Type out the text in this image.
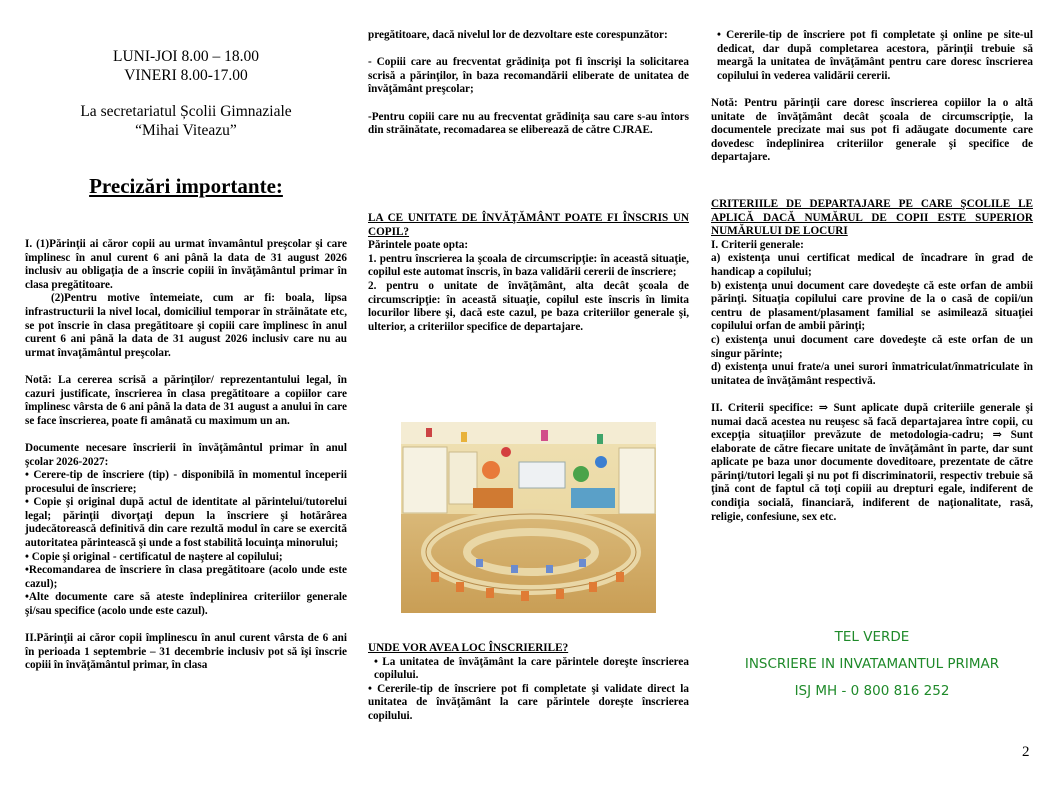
LUNI-JOI 8.00 – 18.00

VINERI 8.00-17.00

La secretariatul Școlii Gimnaziale

“Mihai Viteazu”

Precizări importante:

I. (1)Părinţii ai căror copii au urmat învamântul preşcolar şi care împlinesc în anul curent 6 ani până la data de 31 august 2026 inclusiv au obligaţia de a înscrie copiii în învăţământul primar în clasa pregătitoare.

(2)Pentru motive întemeiate, cum ar fi: boala, lipsa infrastructurii la nivel local, domiciliul temporar în străinătate etc, se pot înscrie în clasa pregătitoare şi copiii care împlinesc în anul curent 6 ani până la data de 31 august 2026 inclusiv care nu au urmat învaţământul preşcolar.

Notă: La cererea scrisă a părinţilor/ reprezentantului legal, în cazuri justificate, înscrierea în clasa pregătitoare a copiilor care împlinesc vârsta de 6 ani până la data de 31 august a anului în care se face înscrierea, poate fi amânată cu maximum un an.

Documente necesare înscrierii în învăţământul primar în anul şcolar 2026-2027:

• Cerere-tip de înscriere (tip) - disponibilă în momentul începerii procesului de înscriere;

• Copie şi original după actul de identitate al părintelui/tutorelui legal; părinţii divorţaţi depun la înscriere şi hotărârea judecătorească definitivă din care rezultă modul în care se exercită autoritatea părintească şi unde a fost stabilită locuinţa minorului;

• Copie şi original - certificatul de naştere al copilului;

•Recomandarea de înscriere în clasa pregătitoare (acolo unde este cazul);

•Alte documente care să ateste îndeplinirea criteriilor generale şi/sau specifice (acolo unde este cazul).

II.Părinţii ai căror copii împlinescu în anul curent vârsta de 6 ani în perioada 1 septembrie – 31 decembrie inclusiv pot să îşi înscrie copiii în învăţământul primar, în clasa

pregătitoare, dacă nivelul lor de dezvoltare este corespunzător:

- Copiii care au frecventat grădiniţa pot fi înscrişi la solicitarea scrisă a părinţilor, în baza recomandării eliberate de unitatea de învăţământ preşcolar;

-Pentru copiii care nu au frecventat grădiniţa sau care s-au întors din străinătate, recomadarea se eliberează de către CJRAE.

LA CE UNITATE DE ÎNVĂŢĂMÂNT POATE FI ÎNSCRIS UN COPIL?

Părintele poate opta:

1. pentru înscrierea la şcoala de circumscripţie: în această situaţie, copilul este automat înscris, în baza validării cererii de înscriere;

2. pentru o unitate de învăţământ, alta decât şcoala de circumscripţie: în această situaţie, copilul este înscris în limita locurilor libere şi, dacă este cazul, pe baza criteriilor generale şi, ulterior, a criteriilor specifice de departajare.

UNDE VOR AVEA LOC ÎNSCRIERILE?

• La unitatea de învăţământ la care părintele doreşte înscrierea copilului.

• Cererile-tip de înscriere pot fi completate şi validate direct la unitatea de învăţământ la care părintele doreşte înscrierea copilului.

• Cererile-tip de înscriere pot fi completate şi online pe site-ul dedicat, dar după completarea acestora, părinţii trebuie să meargă la unitatea de învăţământ pentru care doresc înscrierea copilului în vederea validării cererii.

Notă: Pentru părinţii care doresc înscrierea copiilor la o altă unitate de învăţământ decât şcoala de circumscripţie, la documentele precizate mai sus pot fi adăugate documente care dovedesc îndeplinirea criteriilor generale şi specifice de departajare.

CRITERIILE DE DEPARTAJARE PE CARE ŞCOLILE LE APLICĂ DACĂ NUMĂRUL DE COPII ESTE SUPERIOR NUMĂRULUI DE LOCURI

I. Criterii generale:

a) existenţa unui certificat medical de încadrare în grad de handicap a copilului;

b) existenţa unui document care dovedeşte că este orfan de ambii părinţi. Situaţia copilului care provine de la o casă de copii/un centru de plasament/plasament familial se asimilează situaţiei copilului orfan de ambii părinţi;

c) existenţa unui document care dovedeşte că este orfan de un singur părinte;

d) existenţa unui frate/a unei surori înmatriculat/înmatriculate în unitatea de învăţământ respectivă.

II. Criterii specifice: ⇒ Sunt aplicate după criteriile generale şi numai dacă acestea nu reuşesc să facă departajarea între copii, cu excepţia situaţiilor prevăzute de metodologia-cadru; ⇒ Sunt elaborate de către fiecare unitate de învăţământ în parte, dar sunt aplicate pe baza unor documente doveditoare, prezentate de către părinţi/tutori legali şi nu pot fi discriminatorii, respectiv trebuie să ţină cont de faptul că toţi copiii au drepturi egale, indiferent de condiţia socială, financiară, indiferent de naţionalitate, rasă, religie, confesiune, sex etc.

TEL VERDE
INSCRIERE IN INVATAMANTUL PRIMAR
ISJ MH - 0 800 816 252
2
